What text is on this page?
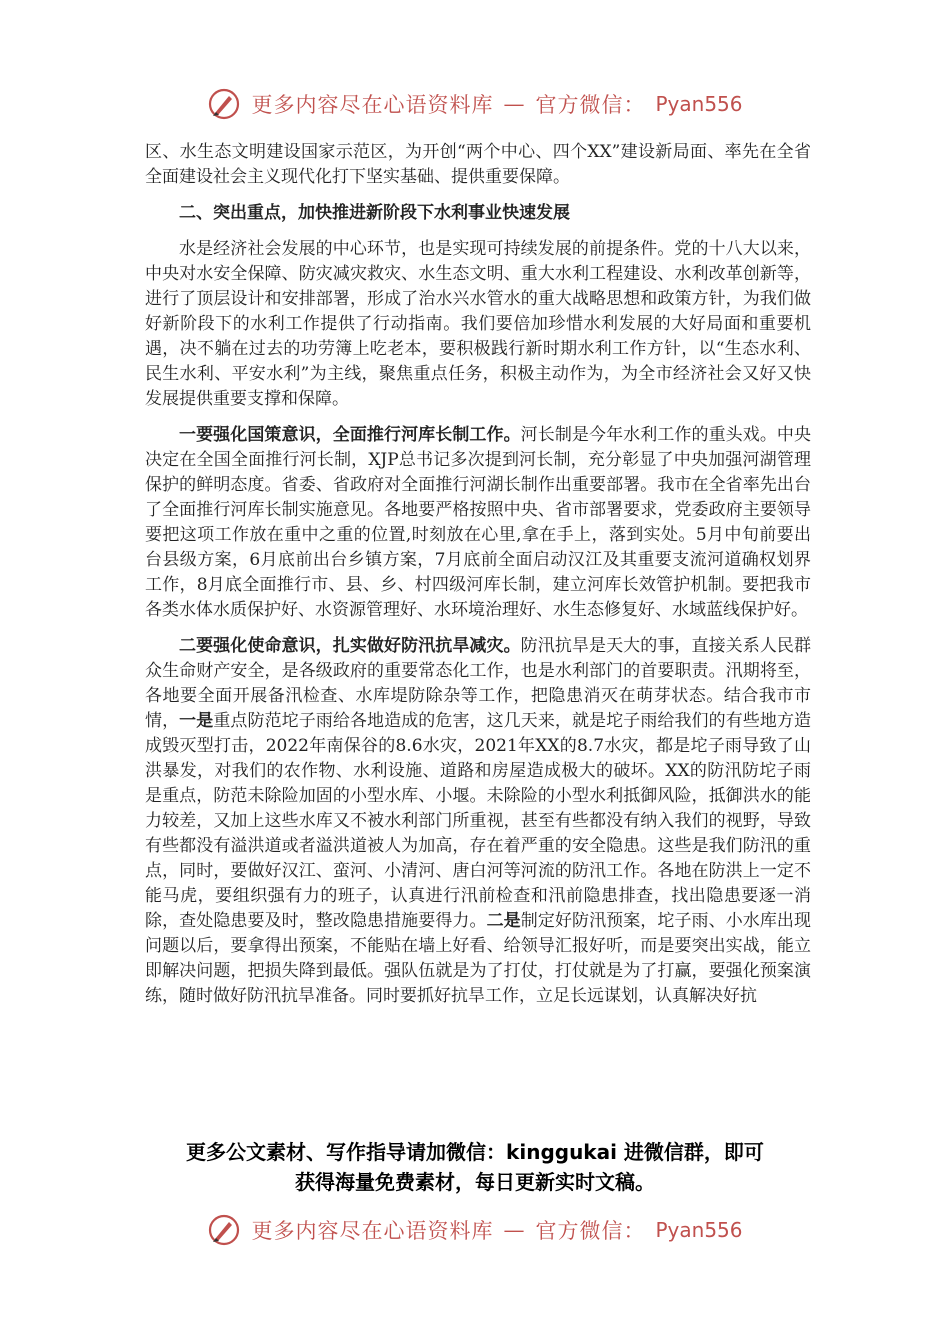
更多内容尽在心语资料库 — 官方微信： Pyan556

区、水生态文明建设国家示范区，为开创“两个中心、四个XX”建设新局面、率先在全省全面建设社会主义现代化打下坚实基础、提供重要保障。

二、突出重点，加快推进新阶段下水利事业快速发展

水是经济社会发展的中心环节，也是实现可持续发展的前提条件。党的十八大以来，中央对水安全保障、防灾减灾救灾、水生态文明、重大水利工程建设、水利改革创新等，进行了顶层设计和安排部署，形成了治水兴水管水的重大战略思想和政策方针，为我们做好新阶段下的水利工作提供了行动指南。我们要倍加珍惜水利发展的大好局面和重要机遇，决不躺在过去的功劳簿上吃老本，要积极践行新时期水利工作方针，以“生态水利、民生水利、平安水利”为主线，聚焦重点任务，积极主动作为，为全市经济社会又好又快发展提供重要支撑和保障。

一要强化国策意识，全面推行河库长制工作。河长制是今年水利工作的重头戏。中央决定在全国全面推行河长制，XJP总书记多次提到河长制，充分彰显了中央加强河湖管理保护的鲜明态度。省委、省政府对全面推行河湖长制作出重要部署。我市在全省率先出台了全面推行河库长制实施意见。各地要严格按照中央、省市部署要求，党委政府主要领导要把这项工作放在重中之重的位置,时刻放在心里,拿在手上，落到实处。5月中旬前要出台县级方案，6月底前出台乡镇方案，7月底前全面启动汉江及其重要支流河道确权划界工作，8月底全面推行市、县、乡、村四级河库长制，建立河库长效管护机制。要把我市各类水体水质保护好、水资源管理好、水环境治理好、水生态修复好、水域蓝线保护好。

二要强化使命意识，扎实做好防汛抗旱减灾。防汛抗旱是天大的事，直接关系人民群众生命财产安全，是各级政府的重要常态化工作，也是水利部门的首要职责。汛期将至，各地要全面开展备汛检查、水库堤防除杂等工作，把隐患消灭在萌芽状态。结合我市市情，一是重点防范坨子雨给各地造成的危害，这几天来，就是坨子雨给我们的有些地方造成毁灭型打击，2022年南保谷的8.6水灾，2021年XX的8.7水灾，都是坨子雨导致了山洪暴发，对我们的农作物、水利设施、道路和房屋造成极大的破坏。XX的防汛防坨子雨是重点，防范未除险加固的小型水库、小堰。未除险的小型水利抵御风险，抵御洪水的能力较差，又加上这些水库又不被水利部门所重视，甚至有些都没有纳入我们的视野，导致有些都没有溢洪道或者溢洪道被人为加高，存在着严重的安全隐患。这些是我们防汛的重点，同时，要做好汉江、蛮河、小清河、唐白河等河流的防汛工作。各地在防洪上一定不能马虎，要组织强有力的班子，认真进行汛前检查和汛前隐患排查，找出隐患要逐一消除，查处隐患要及时，整改隐患措施要得力。二是制定好防汛预案，坨子雨、小水库出现问题以后，要拿得出预案，不能贴在墙上好看、给领导汇报好听，而是要突出实战，能立即解决问题，把损失降到最低。强队伍就是为了打仗，打仗就是为了打赢，要强化预案演练，随时做好防汛抗旱准备。同时要抓好抗旱工作，立足长远谋划，认真解决好抗

更多公文素材、写作指导请加微信：kinggukai 进微信群，即可
获得海量免费素材，每日更新实时文稿。
更多内容尽在心语资料库 — 官方微信： Pyan556
